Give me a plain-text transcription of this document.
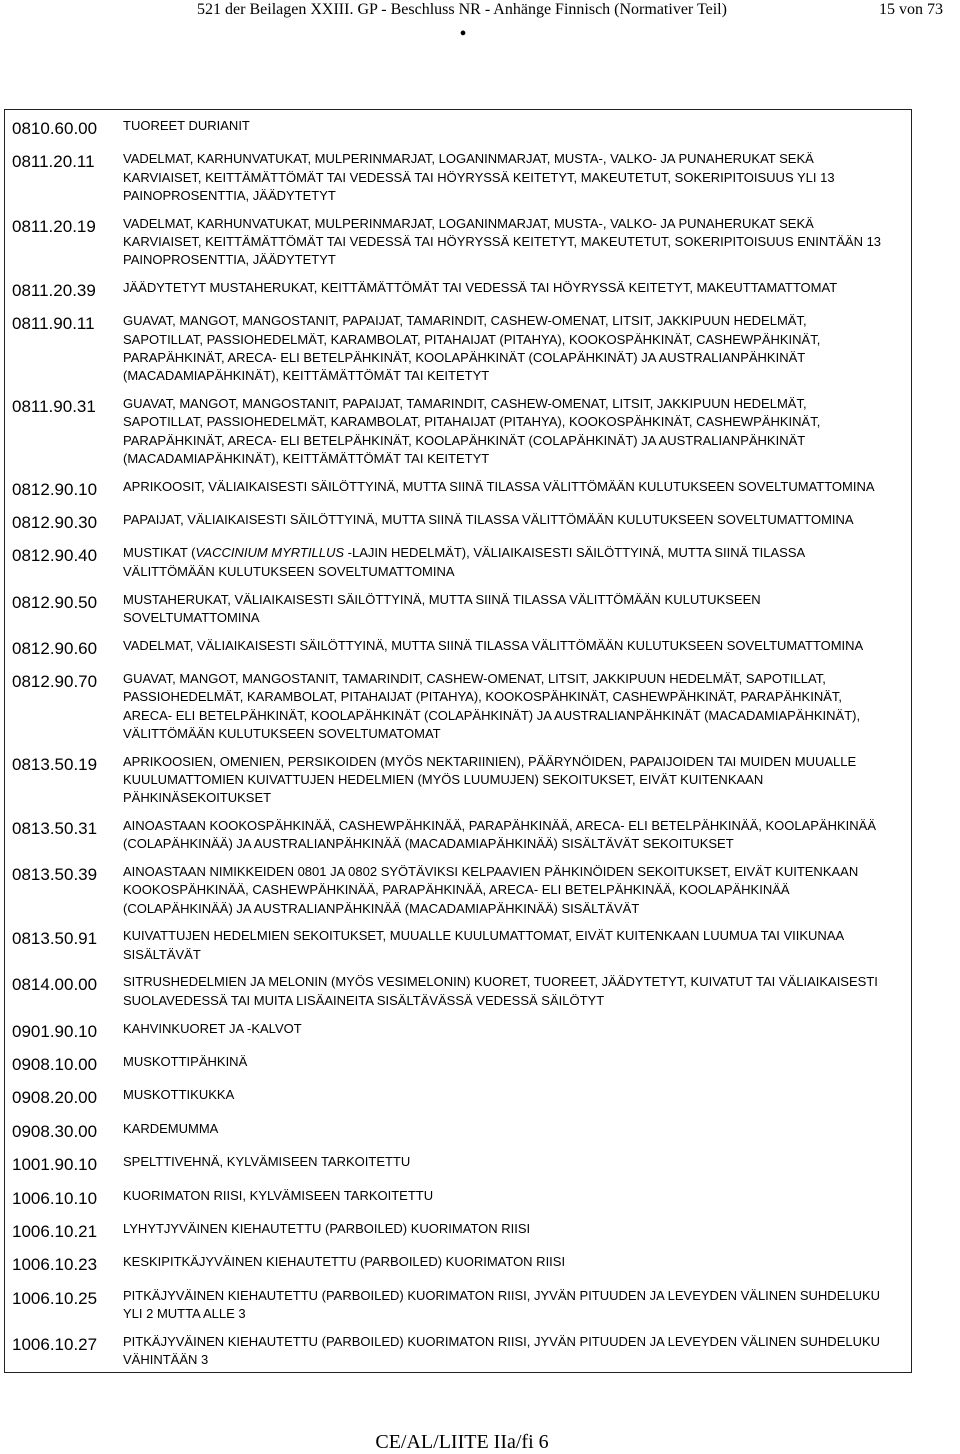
521 der Beilagen XXIII. GP - Beschluss NR - Anhänge Finnisch (Normativer Teil)	15 von 73
•
0810.60.00	TUOREET DURIANIT
0811.20.11	VADELMAT, KARHUNVATUKAT, MULPERINMARJAT, LOGANINMARJAT, MUSTA-, VALKO- JA PUNAHERUKAT SEKÄ
KARVIAISET, KEITTÄMÄTTÖMÄT TAI VEDESSÄ TAI HÖYRYSSÄ KEITETYT, MAKEUTETUT, SOKERIPITOISUUS YLI 13
PAINOPROSENTTIA, JÄÄDYTETYT
0811.20.19	VADELMAT, KARHUNVATUKAT, MULPERINMARJAT, LOGANINMARJAT, MUSTA-, VALKO- JA PUNAHERUKAT SEKÄ
KARVIAISET, KEITTÄMÄTTÖMÄT TAI VEDESSÄ TAI HÖYRYSSÄ KEITETYT, MAKEUTETUT, SOKERIPITOISUUS ENINTÄÄN 13
PAINOPROSENTTIA, JÄÄDYTETYT
0811.20.39	JÄÄDYTETYT MUSTAHERUKAT, KEITTÄMÄTTÖMÄT TAI VEDESSÄ TAI HÖYRYSSÄ KEITETYT, MAKEUTTAMATTOMAT
0811.90.11	GUAVAT, MANGOT, MANGOSTANIT, PAPAIJAT, TAMARINDIT, CASHEW-OMENAT, LITSIT, JAKKIPUUN HEDELMÄT,
SAPOTILLAT, PASSIOHEDELMÄT, KARAMBOLAT, PITAHAIJAT (PITAHYA), KOOKOSPÄHKINÄT, CASHEWPÄHKINÄT,
PARAPÄHKINÄT, ARECA- ELI BETELPÄHKINÄT, KOOLAPÄHKINÄT (COLAPÄHKINÄT) JA AUSTRALIANPÄHKINÄT
(MACADAMIAPÄHKINÄT), KEITTÄMÄTTÖMÄT TAI KEITETYT
0811.90.31	GUAVAT, MANGOT, MANGOSTANIT, PAPAIJAT, TAMARINDIT, CASHEW-OMENAT, LITSIT, JAKKIPUUN HEDELMÄT,
SAPOTILLAT, PASSIOHEDELMÄT, KARAMBOLAT, PITAHAIJAT (PITAHYA), KOOKOSPÄHKINÄT, CASHEWPÄHKINÄT,
PARAPÄHKINÄT, ARECA- ELI BETELPÄHKINÄT, KOOLAPÄHKINÄT (COLAPÄHKINÄT) JA AUSTRALIANPÄHKINÄT
(MACADAMIAPÄHKINÄT), KEITTÄMÄTTÖMÄT TAI KEITETYT
0812.90.10	APRIKOOSIT, VÄLIAIKAISESTI SÄILÖTTYINÄ, MUTTA SIINÄ TILASSA VÄLITTÖMÄÄN KULUTUKSEEN SOVELTUMATTOMINA
0812.90.30	PAPAIJAT, VÄLIAIKAISESTI SÄILÖTTYINÄ, MUTTA SIINÄ TILASSA VÄLITTÖMÄÄN KULUTUKSEEN SOVELTUMATTOMINA
0812.90.40	MUSTIKAT (VACCINIUM MYRTILLUS -LAJIN HEDELMÄT), VÄLIAIKAISESTI SÄILÖTTYINÄ, MUTTA SIINÄ TILASSA
VÄLITTÖMÄÄN KULUTUKSEEN SOVELTUMATTOMINA
0812.90.50	MUSTAHERUKAT, VÄLIAIKAISESTI SÄILÖTTYINÄ, MUTTA SIINÄ TILASSA VÄLITTÖMÄÄN KULUTUKSEEN
SOVELTUMATTOMINA
0812.90.60	VADELMAT, VÄLIAIKAISESTI SÄILÖTTYINÄ, MUTTA SIINÄ TILASSA VÄLITTÖMÄÄN KULUTUKSEEN SOVELTUMATTOMINA
0812.90.70	GUAVAT, MANGOT, MANGOSTANIT, TAMARINDIT, CASHEW-OMENAT, LITSIT, JAKKIPUUN HEDELMÄT, SAPOTILLAT,
PASSIOHEDELMÄT, KARAMBOLAT, PITAHAIJAT (PITAHYA), KOOKOSPÄHKINÄT, CASHEWPÄHKINÄT, PARAPÄHKINÄT,
ARECA- ELI BETELPÄHKINÄT, KOOLAPÄHKINÄT (COLAPÄHKINÄT) JA AUSTRALIANPÄHKINÄT (MACADAMIAPÄHKINÄT),
VÄLITTÖMÄÄN KULUTUKSEEN SOVELTUMATOMAT
0813.50.19	APRIKOOSIEN, OMENIEN, PERSIKOIDEN (MYÖS NEKTARIINIEN), PÄÄRYNÖIDEN, PAPAIJOIDEN TAI MUIDEN MUUALLE
KUULUMATTOMIEN KUIVATTUJEN HEDELMIEN (MYÖS LUUMUJEN) SEKOITUKSET, EIVÄT KUITENKAAN
PÄHKINÄSEKOITUKSET
0813.50.31	AINOASTAAN KOOKOSPÄHKINÄÄ, CASHEWPÄHKINÄÄ, PARAPÄHKINÄÄ, ARECA- ELI BETELPÄHKINÄÄ, KOOLAPÄHKINÄÄ
(COLAPÄHKINÄÄ) JA AUSTRALIANPÄHKINÄÄ (MACADAMIAPÄHKINÄÄ) SISÄLTÄVÄT SEKOITUKSET
0813.50.39	AINOASTAAN NIMIKKEIDEN 0801 JA 0802 SYÖTÄVIKSI KELPAAVIEN PÄHKINÖIDEN SEKOITUKSET, EIVÄT KUITENKAAN
KOOKOSPÄHKINÄÄ, CASHEWPÄHKINÄÄ, PARAPÄHKINÄÄ, ARECA- ELI BETELPÄHKINÄÄ, KOOLAPÄHKINÄÄ
(COLAPÄHKINÄÄ) JA AUSTRALIANPÄHKINÄÄ (MACADAMIAPÄHKINÄÄ) SISÄLTÄVÄT
0813.50.91	KUIVATTUJEN HEDELMIEN SEKOITUKSET, MUUALLE KUULUMATTOMAT, EIVÄT KUITENKAAN LUUMUA TAI VIIKUNAA
SISÄLTÄVÄT
0814.00.00	SITRUSHEDELMIEN JA MELONIN (MYÖS VESIMELONIN) KUORET, TUOREET, JÄÄDYTETYT, KUIVATUT TAI VÄLIAIKAISESTI
SUOLAVEDESSÄ TAI MUITA LISÄAINEITA SISÄLTÄVÄSSÄ VEDESSÄ SÄILÖTYT
0901.90.10	KAHVINKUORET JA -KALVOT
0908.10.00	MUSKOTTIPÄHKINÄ
0908.20.00	MUSKOTTIKUKKA
0908.30.00	KARDEMUMMA
1001.90.10	SPELTTIVEHNÄ, KYLVÄMISEEN TARKOITETTU
1006.10.10	KUORIMATON RIISI, KYLVÄMISEEN TARKOITETTU
1006.10.21	LYHYTJYVÄINEN KIEHAUTETTU (PARBOILED) KUORIMATON RIISI
1006.10.23	KESKIPITKÄJYVÄINEN KIEHAUTETTU (PARBOILED) KUORIMATON RIISI
1006.10.25	PITKÄJYVÄINEN KIEHAUTETTU (PARBOILED) KUORIMATON RIISI, JYVÄN PITUUDEN JA LEVEYDEN VÄLINEN SUHDELUKU
YLI 2 MUTTA ALLE 3
1006.10.27	PITKÄJYVÄINEN KIEHAUTETTU (PARBOILED) KUORIMATON RIISI, JYVÄN PITUUDEN JA LEVEYDEN VÄLINEN SUHDELUKU
VÄHINTÄÄN 3
CE/AL/LIITE IIa/fi 6
